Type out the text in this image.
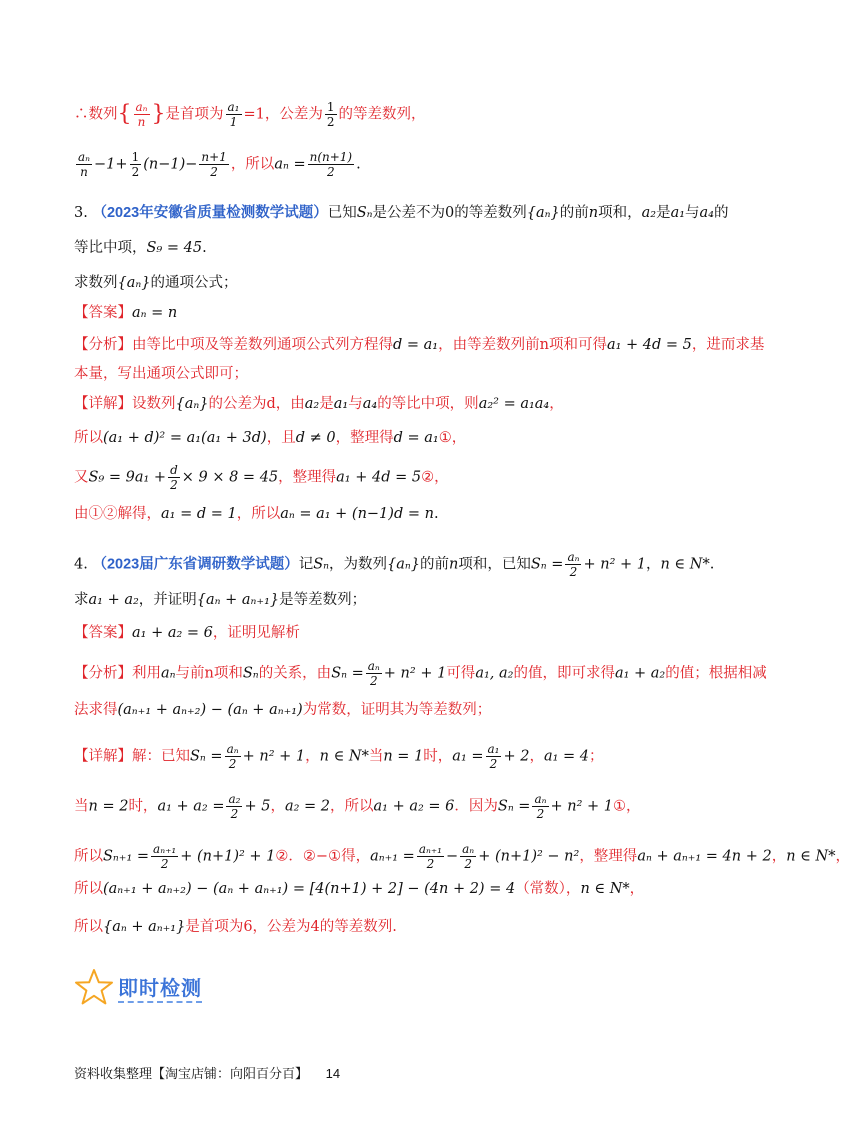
∴数列{ $\frac{\text{aₙ}}{n}$ }是首项为 $\frac{\text{a₁}}{1} =1$，公差为 $\frac{1}{2}$ 的等差数列，
$\frac{\text{aₙ}}{n} -1+ \frac{1}{2} (n-1)- \frac{n+1}{2}$ ，所以$a_n = \frac{n(n+1)}{2}$ .
3. （2023年安徽省质量检测数学试题）已知Sₙ是公差不为0的等差数列{aₙ}的前n项和，a₂是a₁与a₄的
等比中项，S₉ = 45.
求数列{aₙ}的通项公式；
【答案】aₙ = n
【分析】由等比中项及等差数列通项公式列方程得d = a₁，由等差数列前n项和可得a₁ + 4d = 5，进而求基
本量，写出通项公式即可；
【详解】设数列{aₙ}的公差为d，由a₂是a₁与a₄的等比中项，则a₂² = a₁a₄，
所以(a₁ + d)² = a₁(a₁ + 3d)，且d ≠ 0，整理得d = a₁①，
又$S_9 = 9a_1 + \frac{d}{2} \times 9 \times 8 = 45$，整理得a₁ + 4d = 5②，
由①②解得，a₁ = d = 1，所以aₙ = a₁ + (n−1)d = n.
4. （2023届广东省调研数学试题）记Sₙ，为数列{aₙ}的前n项和，已知$S_n = \frac{\text{aₙ}}{2} + n^2 + 1$，n ∈ N*.
求a₁ + a₂，并证明{aₙ + aₙ₊₁}是等差数列；
【答案】a₁ + a₂ = 6，证明见解析
【分析】利用aₙ与前n项和Sₙ的关系，由$S_n = \frac{\text{aₙ}}{2} + n^2 + 1$可得a₁, a₂的值，即可求得a₁ + a₂的值；根据相减
法求得(aₙ₊₁ + aₙ₊₂) − (aₙ + aₙ₊₁)为常数，证明其为等差数列；
【详解】解：已知$S_n = \frac{\text{aₙ}}{2} + n^2 + 1$，n ∈ N*当n = 1时，$a_1 = \frac{\text{a₁}}{2} + 2$，a₁ = 4；
当n = 2时，$a_1 + a_2 = \frac{\text{a₂}}{2} + 5$，a₂ = 2，所以a₁ + a₂ = 6．因为$S_n = \frac{\text{aₙ}}{2} + n^2$ + 1①，
所以$S_{n+1} = \frac{\text{aₙ₊₁}}{2} + (n+1)^2$ + 1②．②−①得，$a_{n+1} = \frac{\text{aₙ₊₁}}{2} - \frac{\text{aₙ}}{2} + (n+1)^2 - n^2$，整理得aₙ + aₙ₊₁ = 4n + 2，n ∈ N*，
所以(aₙ₊₁ + aₙ₊₂) − (aₙ + aₙ₊₁) = [4(n+1) + 2] − (4n + 2) = 4（常数），n ∈ N*，
所以{aₙ + aₙ₊₁}是首项为6，公差为4的等差数列.
即时检测
资料收集整理【淘宝店铺：向阳百分百】 14
